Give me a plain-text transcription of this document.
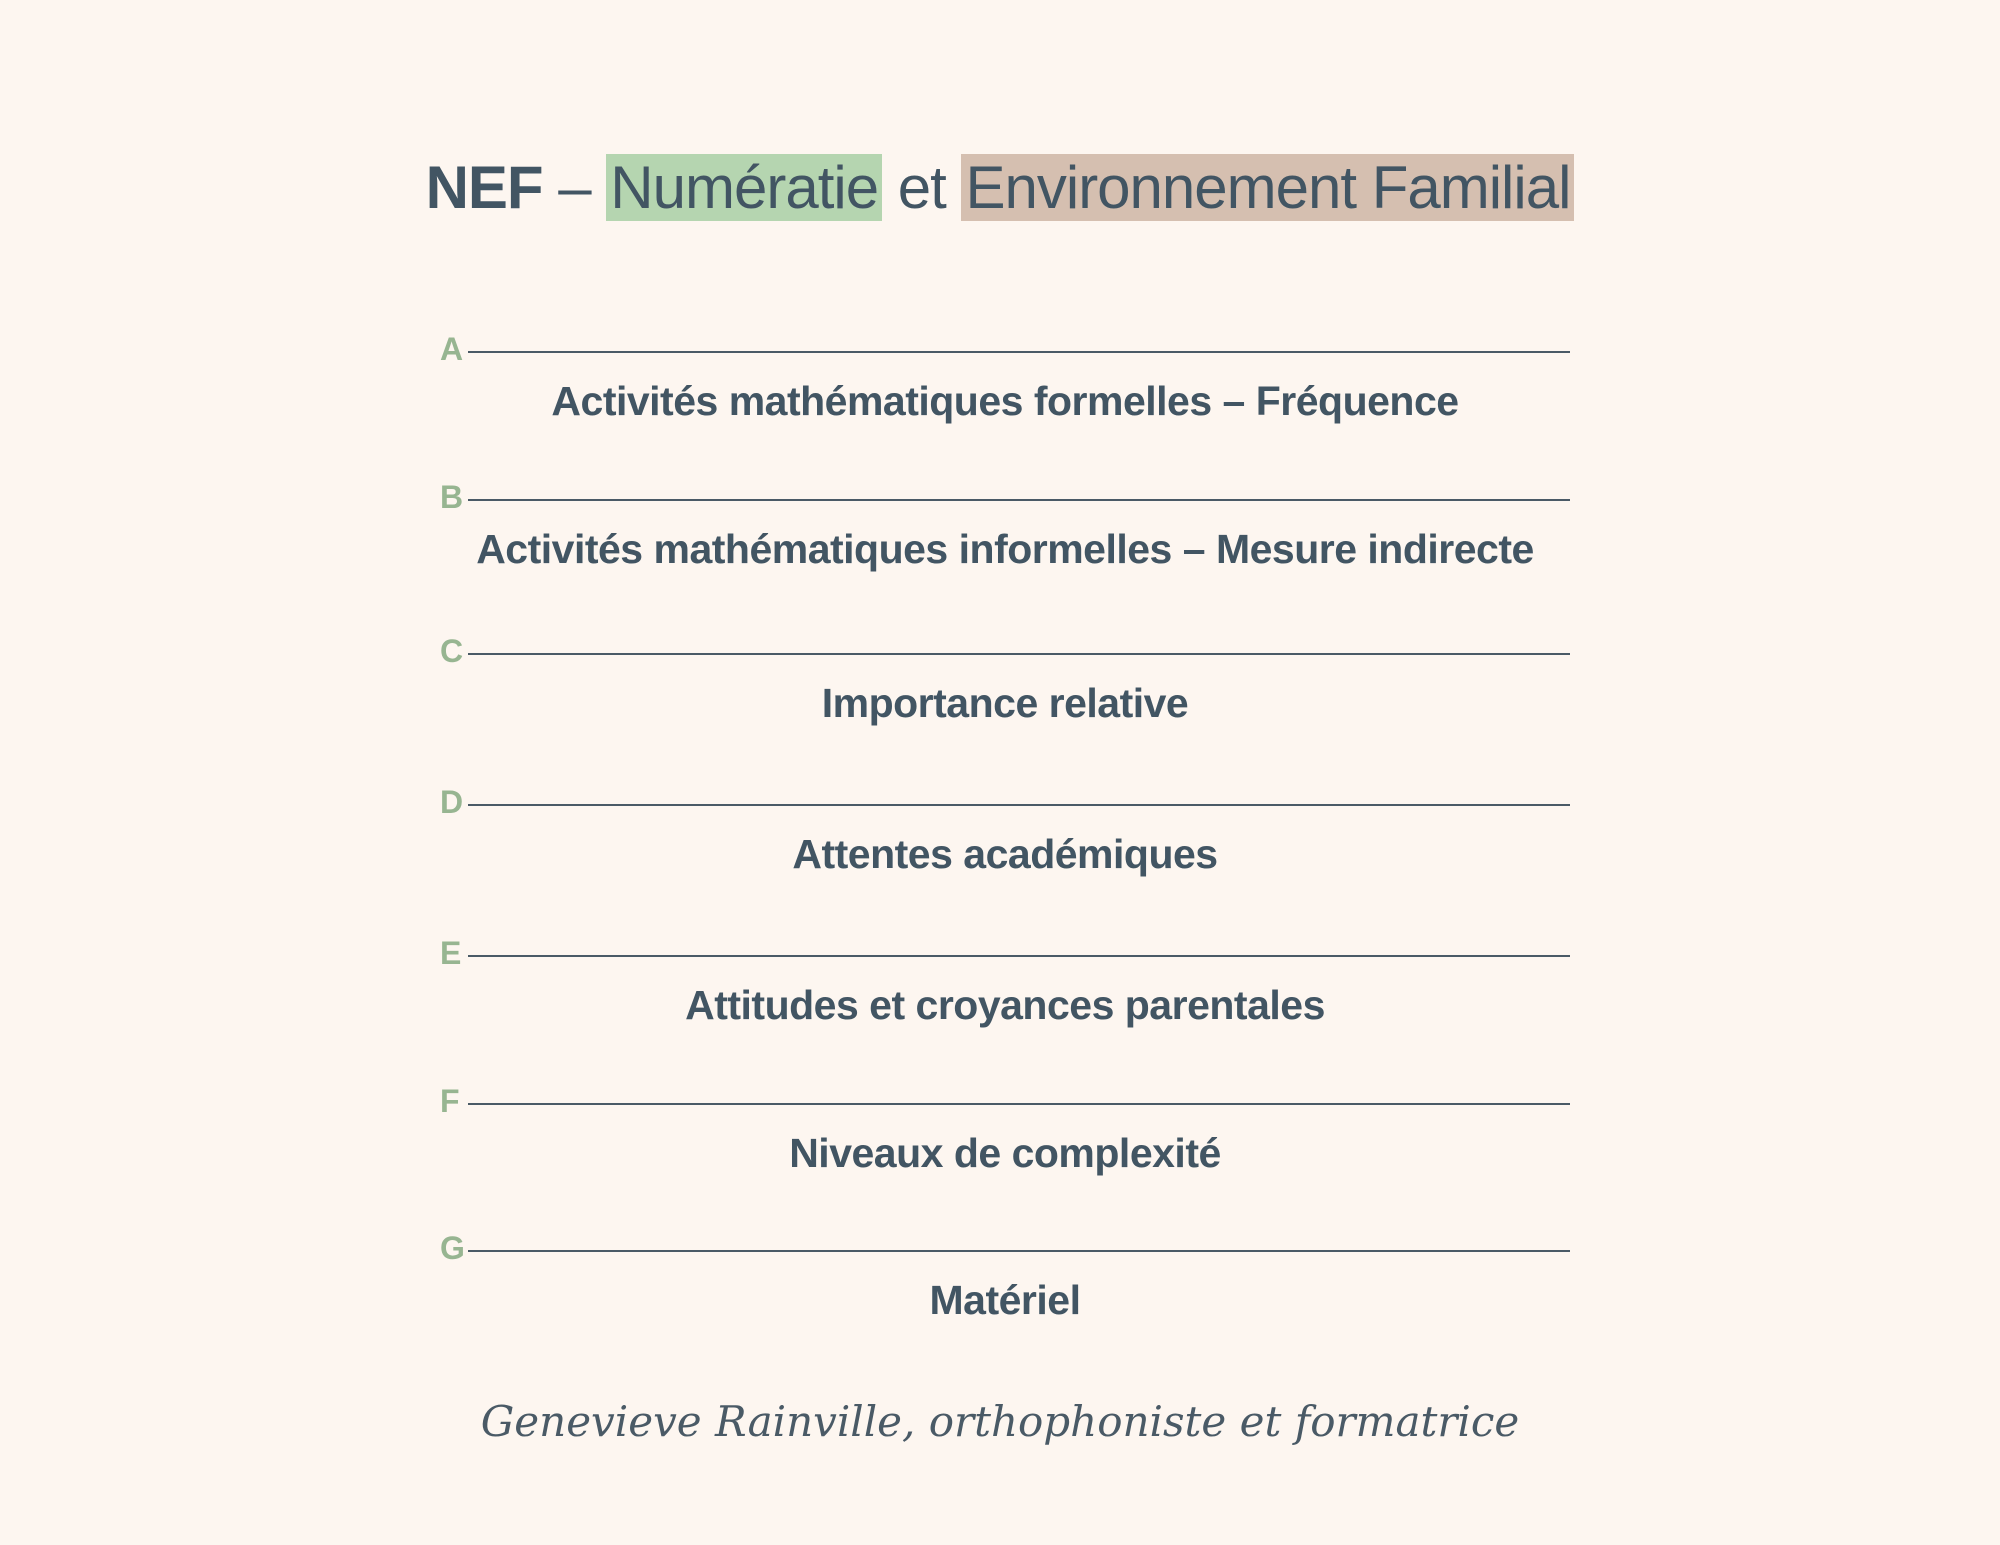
NEF – Numératie et Environnement Familial
A
Activités mathématiques formelles – Fréquence
B
Activités mathématiques informelles – Mesure indirecte
C
Importance relative
D
Attentes académiques
E
Attitudes et croyances parentales
F
Niveaux de complexité
G
Matériel
Genevieve Rainville, orthophoniste et formatrice
